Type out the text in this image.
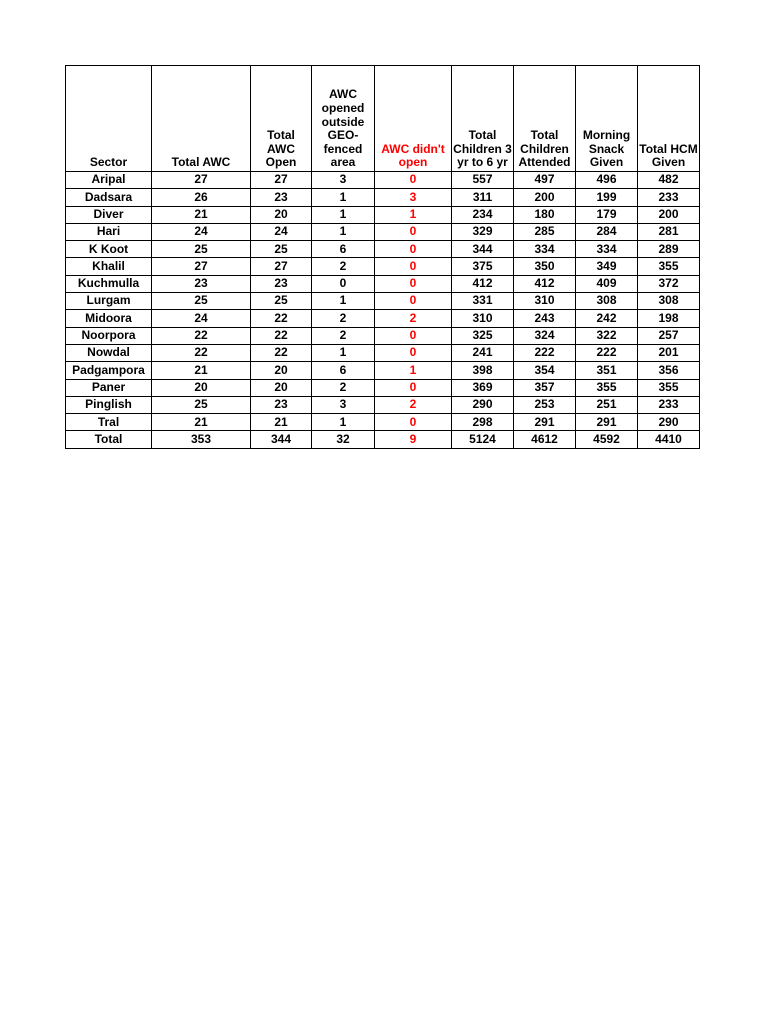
Sector	Total AWC	Total AWC Open	AWC opened outside GEO-fenced area	AWC didn't open	Total Children 3 yr to 6 yr	Total Children Attended	Morning Snack Given	Total HCM Given
Aripal	27	27	3	0	557	497	496	482
Dadsara	26	23	1	3	311	200	199	233
Diver	21	20	1	1	234	180	179	200
Hari	24	24	1	0	329	285	284	281
K Koot	25	25	6	0	344	334	334	289
Khalil	27	27	2	0	375	350	349	355
Kuchmulla	23	23	0	0	412	412	409	372
Lurgam	25	25	1	0	331	310	308	308
Midoora	24	22	2	2	310	243	242	198
Noorpora	22	22	2	0	325	324	322	257
Nowdal	22	22	1	0	241	222	222	201
Padgampora	21	20	6	1	398	354	351	356
Paner	20	20	2	0	369	357	355	355
Pinglish	25	23	3	2	290	253	251	233
Tral	21	21	1	0	298	291	291	290
Total	353	344	32	9	5124	4612	4592	4410
